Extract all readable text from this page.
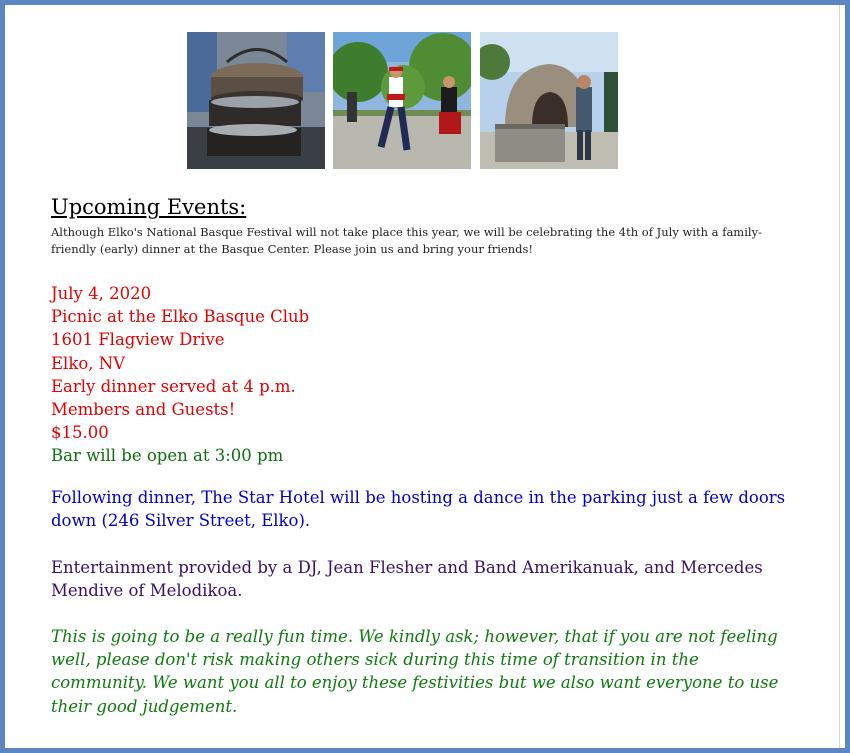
Upcoming Events:
Although Elko's National Basque Festival will not take place this year, we will be celebrating the 4th of July with a family-friendly (early) dinner at the Basque Center. Please join us and bring your friends!
July 4, 2020
Picnic at the Elko Basque Club
1601 Flagview Drive
Elko, NV
Early dinner served at 4 p.m.
Members and Guests!
$15.00
Bar will be open at 3:00 pm
Following dinner, The Star Hotel will be hosting a dance in the parking just a few doors down (246 Silver Street, Elko).
Entertainment provided by a DJ, Jean Flesher and Band Amerikanuak, and Mercedes Mendive of Melodikoa.
This is going to be a really fun time. We kindly ask; however, that if you are not feeling well, please don't risk making others sick during this time of transition in the community. We want you all to enjoy these festivities but we also want everyone to use their good judgement.
